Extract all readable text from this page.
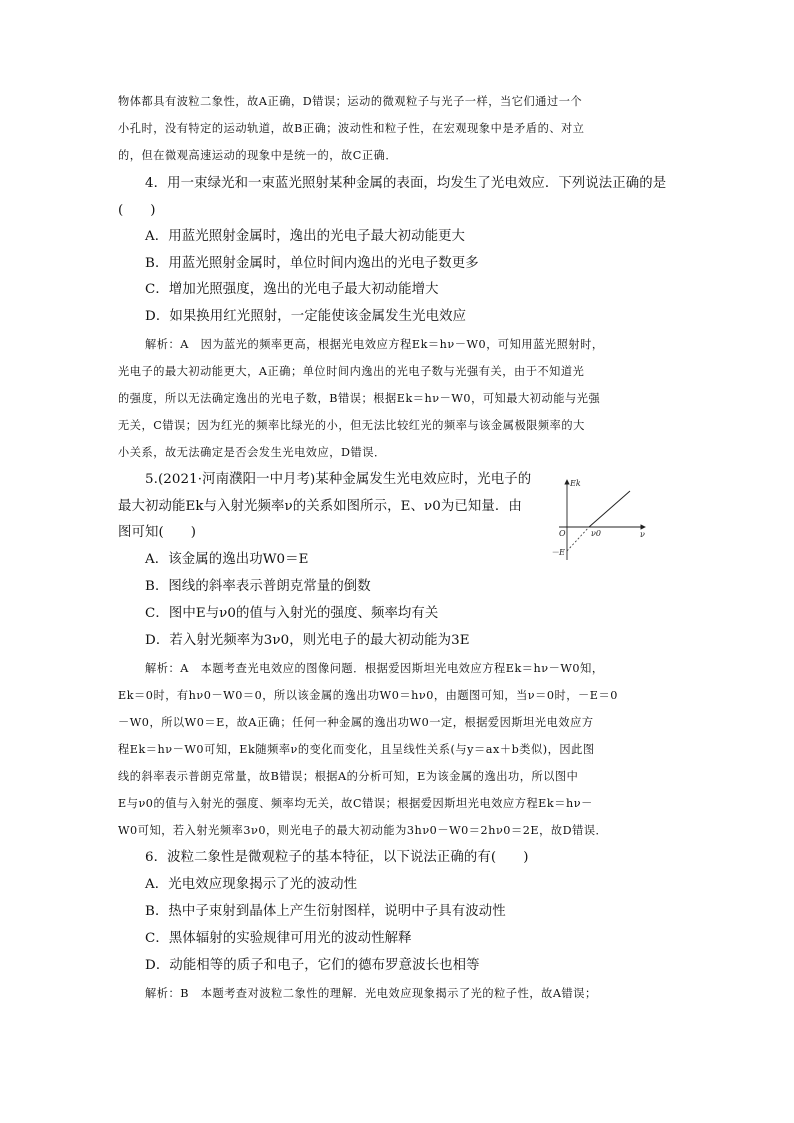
物体都具有波粒二象性，故A正确，D错误；运动的微观粒子与光子一样，当它们通过一个
小孔时，没有特定的运动轨道，故B正确；波动性和粒子性，在宏观现象中是矛盾的、对立
的，但在微观高速运动的现象中是统一的，故C正确．
4．用一束绿光和一束蓝光照射某种金属的表面，均发生了光电效应．下列说法正确的是
(　　)
A．用蓝光照射金属时，逸出的光电子最大初动能更大
B．用蓝光照射金属时，单位时间内逸出的光电子数更多
C．增加光照强度，逸出的光电子最大初动能增大
D．如果换用红光照射，一定能使该金属发生光电效应
解析：A　因为蓝光的频率更高，根据光电效应方程Ek＝hν－W0，可知用蓝光照射时，
光电子的最大初动能更大，A正确；单位时间内逸出的光电子数与光强有关，由于不知道光
的强度，所以无法确定逸出的光电子数，B错误；根据Ek＝hν－W0，可知最大初动能与光强
无关，C错误；因为红光的频率比绿光的小，但无法比较红光的频率与该金属极限频率的大
小关系，故无法确定是否会发生光电效应，D错误．
5.(2021·河南濮阳一中月考)某种金属发生光电效应时，光电子的
最大初动能Ek与入射光频率ν的关系如图所示，E、ν0为已知量．由
图可知(　　)
A．该金属的逸出功W0＝E
B．图线的斜率表示普朗克常量的倒数
C．图中E与ν0的值与入射光的强度、频率均有关
D．若入射光频率为3ν0，则光电子的最大初动能为3E
解析：A　本题考查光电效应的图像问题．根据爱因斯坦光电效应方程Ek＝hν－W0知，
Ek＝0时，有hν0－W0＝0，所以该金属的逸出功W0＝hν0，由题图可知，当ν＝0时，－E＝0
－W0，所以W0＝E，故A正确；任何一种金属的逸出功W0一定，根据爱因斯坦光电效应方
程Ek＝hν－W0可知，Ek随频率ν的变化而变化，且呈线性关系(与y＝ax＋b类似)，因此图
线的斜率表示普朗克常量，故B错误；根据A的分析可知，E为该金属的逸出功，所以图中
E与ν0的值与入射光的强度、频率均无关，故C错误；根据爱因斯坦光电效应方程Ek＝hν－
W0可知，若入射光频率3ν0，则光电子的最大初动能为3hν0－W0＝2hν0＝2E，故D错误．
6．波粒二象性是微观粒子的基本特征，以下说法正确的有(　　)
A．光电效应现象揭示了光的波动性
B．热中子束射到晶体上产生衍射图样，说明中子具有波动性
C．黑体辐射的实验规律可用光的波动性解释
D．动能相等的质子和电子，它们的德布罗意波长也相等
解析：B　本题考查对波粒二象性的理解．光电效应现象揭示了光的粒子性，故A错误；
Ek
ν
O	ν0
－E
